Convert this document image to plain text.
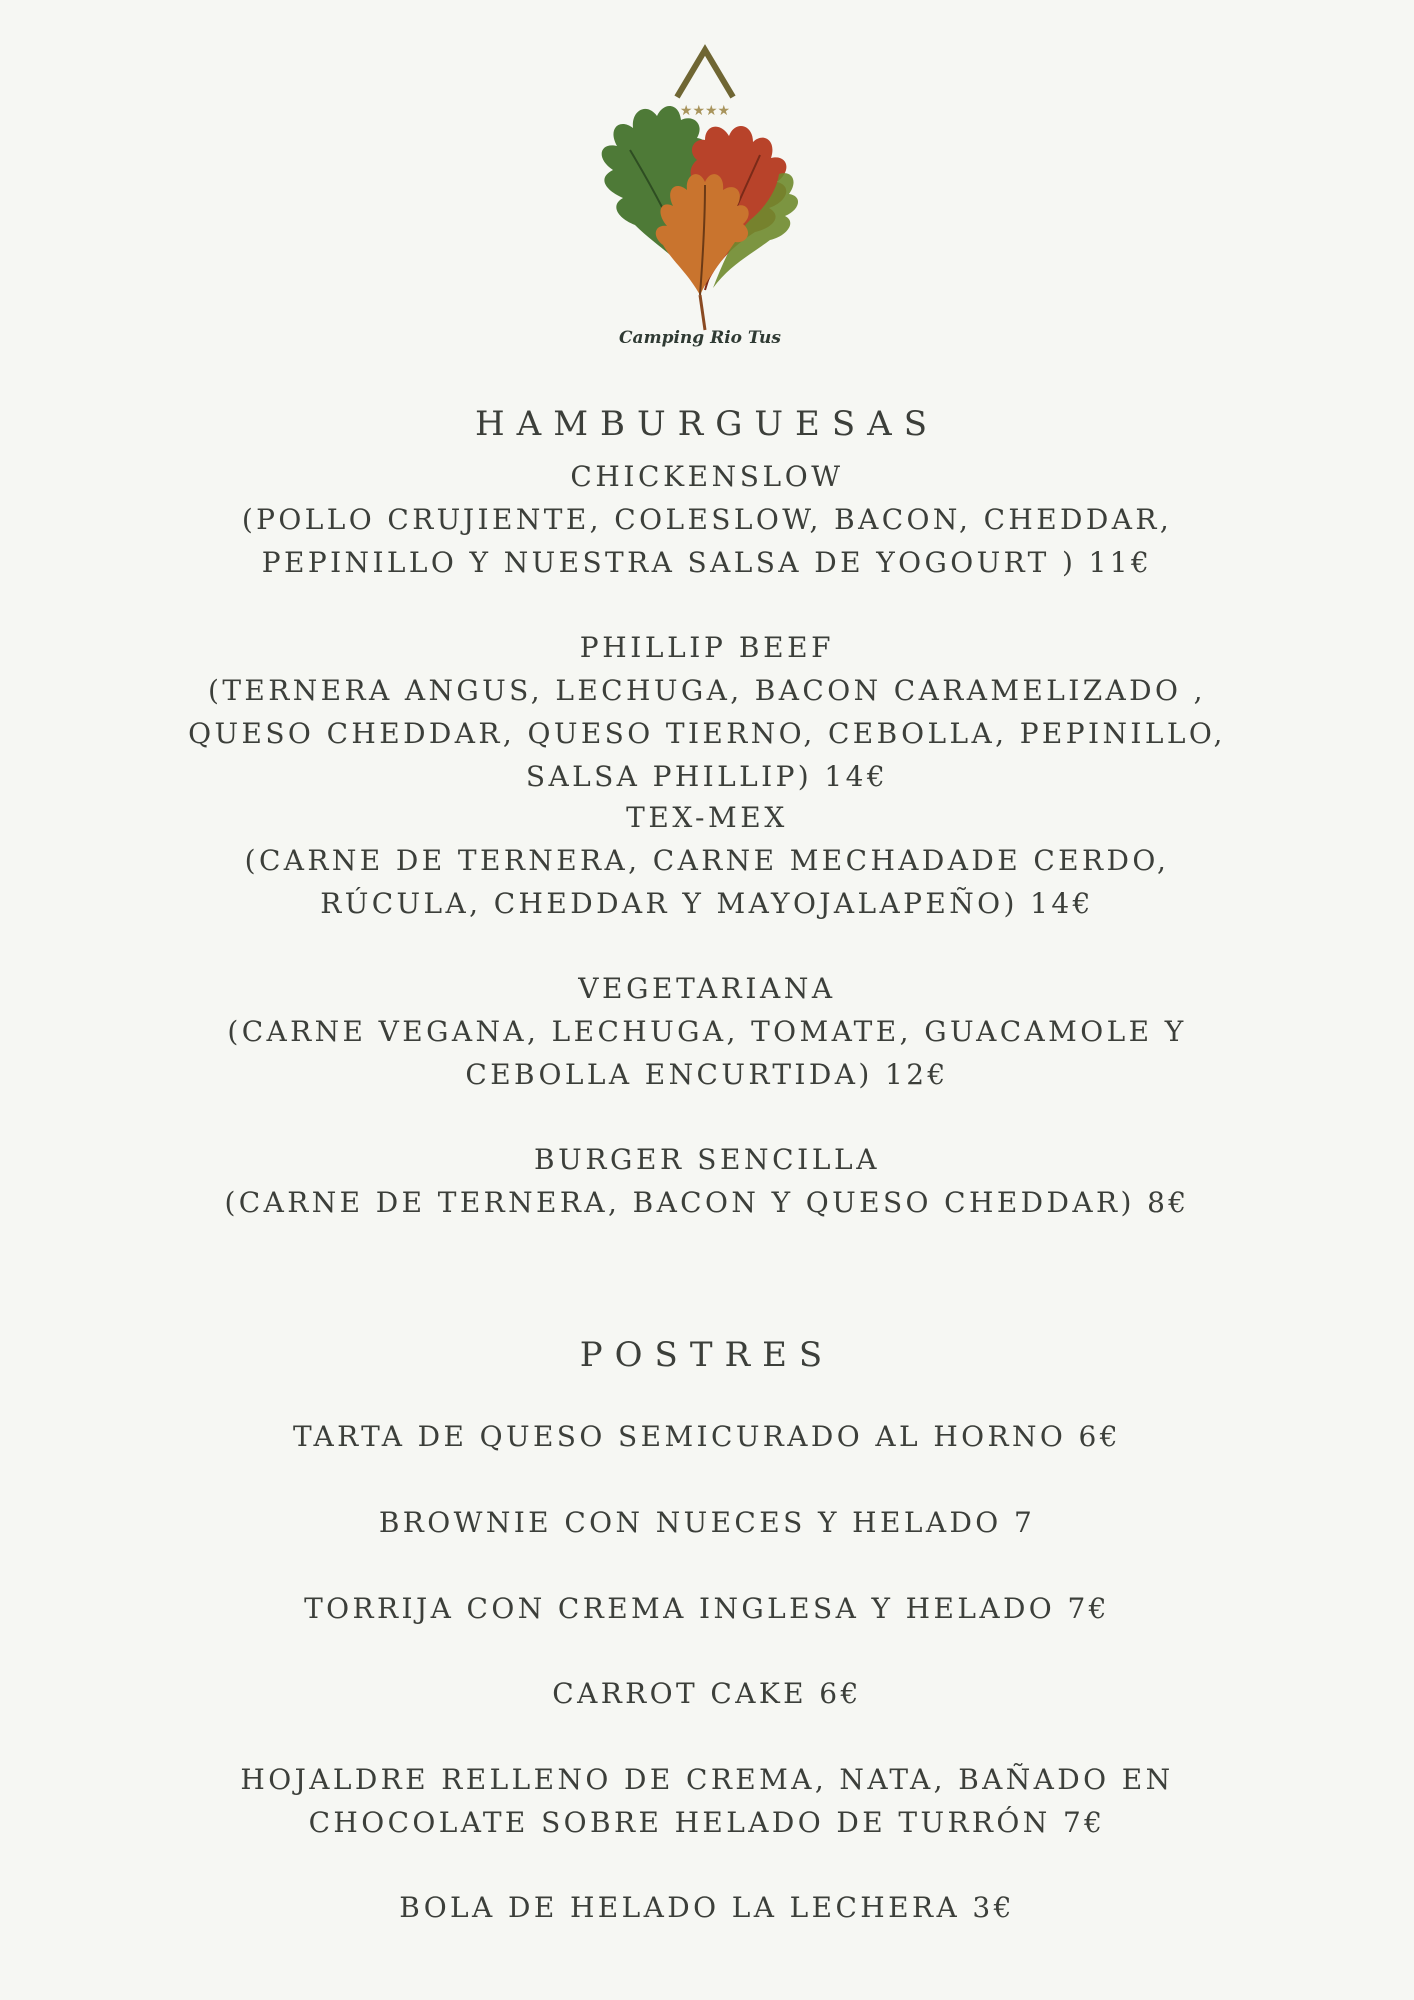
★★★★
Camping Rio Tus
HAMBURGUESAS
CHICKENSLOW
(POLLO CRUJIENTE, COLESLOW, BACON, CHEDDAR,
PEPINILLO Y NUESTRA SALSA DE YOGOURT ) 11€
PHILLIP BEEF
(TERNERA ANGUS, LECHUGA, BACON CARAMELIZADO ,
QUESO CHEDDAR, QUESO TIERNO, CEBOLLA, PEPINILLO,
SALSA PHILLIP) 14€
TEX-MEX
(CARNE DE TERNERA, CARNE MECHADADE CERDO,
RÚCULA, CHEDDAR Y MAYOJALAPEÑO) 14€
VEGETARIANA
(CARNE VEGANA, LECHUGA, TOMATE, GUACAMOLE Y
CEBOLLA ENCURTIDA) 12€
BURGER SENCILLA
(CARNE DE TERNERA, BACON Y QUESO CHEDDAR) 8€
POSTRES
TARTA DE QUESO SEMICURADO AL HORNO 6€
BROWNIE CON NUECES Y HELADO 7
TORRIJA CON CREMA INGLESA Y HELADO 7€
CARROT CAKE 6€
HOJALDRE RELLENO DE CREMA, NATA, BAÑADO EN
CHOCOLATE SOBRE HELADO DE TURRÓN 7€
BOLA DE HELADO LA LECHERA 3€
